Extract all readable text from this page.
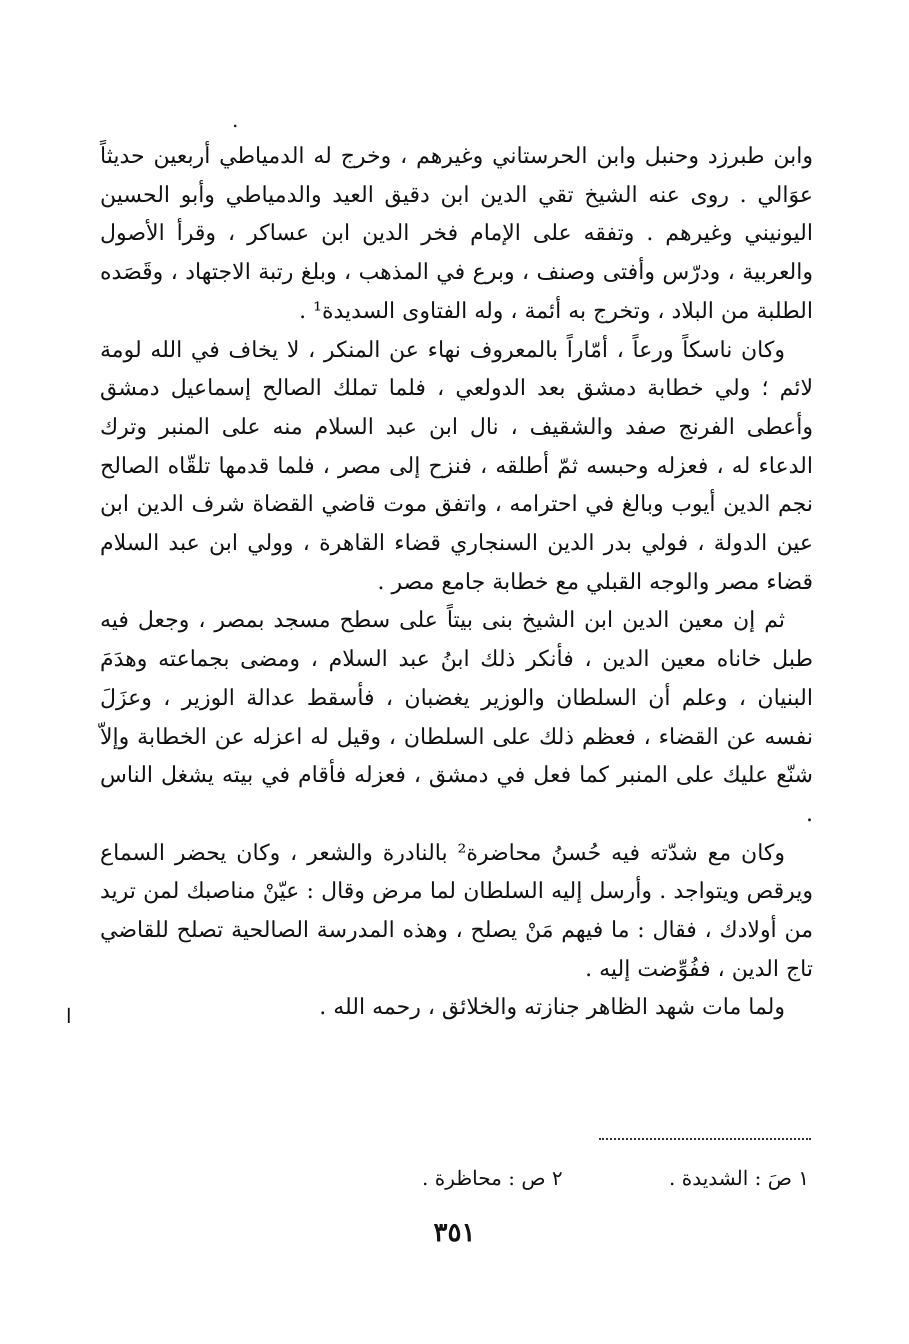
.
ا

وابن طبرزد وحنبل وابن الحرستاني وغيرهم ، وخرج له الدمياطي أربعين حديثاً عوَالي . روى عنه الشيخ تقي الدين ابن دقيق العيد والدمياطي وأبو الحسين اليونيني وغيرهم . وتفقه على الإمام فخر الدين ابن عساكر ، وقرأ الأصول والعربية ، ودرّس وأفتى وصنف ، وبرع في المذهب ، وبلغ رتبة الاجتهاد ، وقَصَده الطلبة من البلاد ، وتخرج به أئمة ، وله الفتاوى السديدة¹ .

وكان ناسكاً ورعاً ، أمّاراً بالمعروف نهاء عن المنكر ، لا يخاف في الله لومة لائم ؛ ولي خطابة دمشق بعد الدولعي ، فلما تملك الصالح إسماعيل دمشق وأعطى الفرنج صفد والشقيف ، نال ابن عبد السلام منه على المنبر وترك الدعاء له ، فعزله وحبسه ثمّ أطلقه ، فنزح إلى مصر ، فلما قدمها تلقّاه الصالح نجم الدين أيوب وبالغ في احترامه ، واتفق موت قاضي القضاة شرف الدين ابن عين الدولة ، فولي بدر الدين السنجاري قضاء القاهرة ، وولي ابن عبد السلام قضاء مصر والوجه القبلي مع خطابة جامع مصر .

ثم إن معين الدين ابن الشيخ بنى بيتاً على سطح مسجد بمصر ، وجعل فيه طبل خاناه معين الدين ، فأنكر ذلك ابنُ عبد السلام ، ومضى بجماعته وهدَمَ البنيان ، وعلم أن السلطان والوزير يغضبان ، فأسقط عدالة الوزير ، وعزَلَ نفسه عن القضاء ، فعظم ذلك على السلطان ، وقيل له اعزله عن الخطابة وإلاّ شنّع عليك على المنبر كما فعل في دمشق ، فعزله فأقام في بيته يشغل الناس .

وكان مع شدّته فيه حُسنُ محاضرة² بالنادرة والشعر ، وكان يحضر السماع ويرقص ويتواجد . وأرسل إليه السلطان لما مرض وقال : عيّنْ مناصبك لمن تريد من أولادك ، فقال : ما فيهم مَنْ يصلح ، وهذه المدرسة الصالحية تصلح للقاضي تاج الدين ، ففُوِّضت إليه .

ولما مات شهد الظاهر جنازته والخلائق ، رحمه الله .

١ صَ : الشديدة . ٢ ص : محاظرة .
٣٥١
